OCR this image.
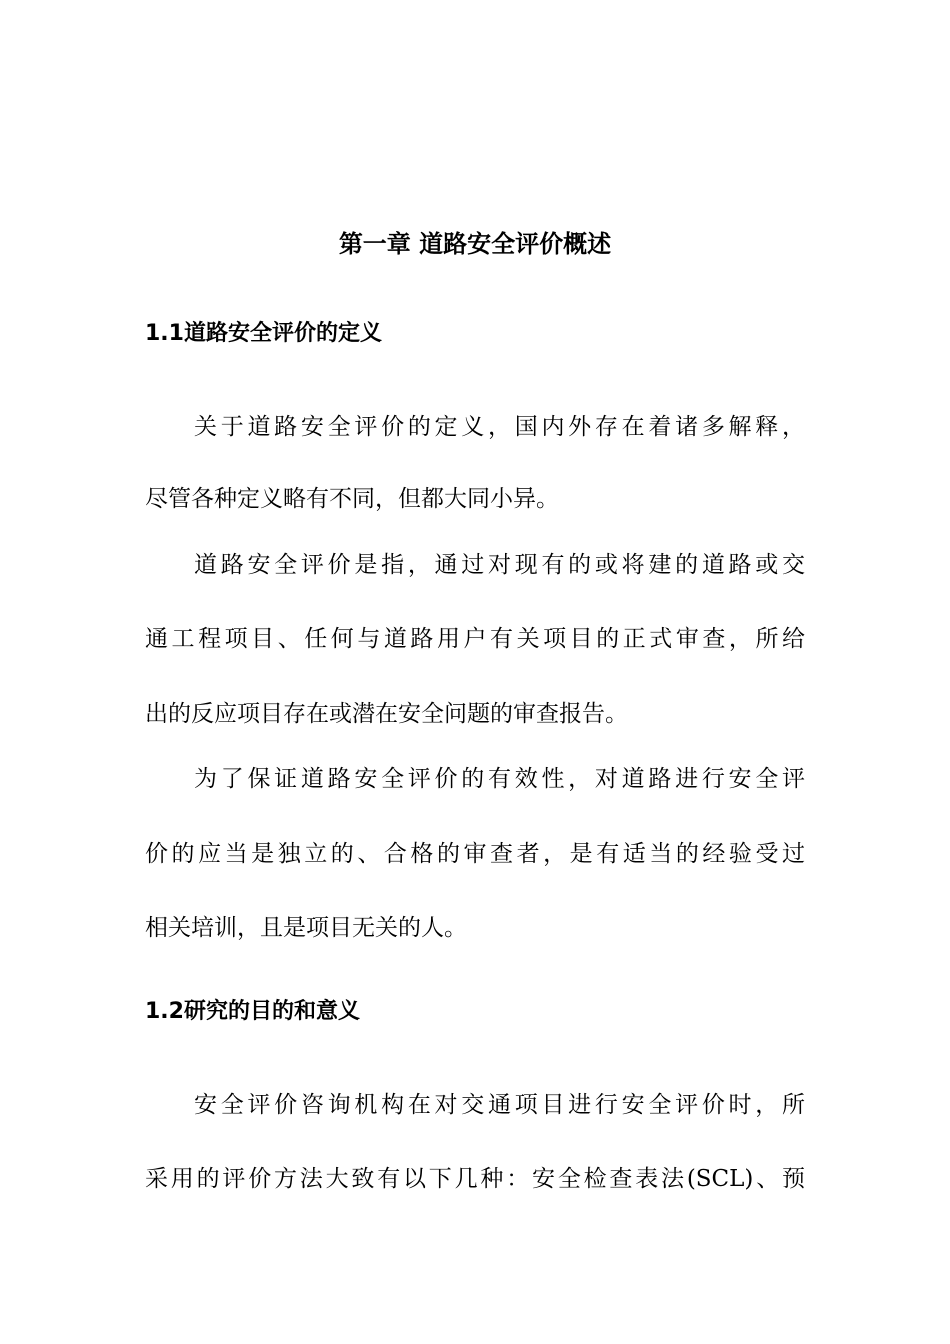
第一章 道路安全评价概述
1.1道路安全评价的定义

关于道路安全评价的定义，国内外存在着诸多解释，

尽管各种定义略有不同，但都大同小异。

道路安全评价是指，通过对现有的或将建的道路或交

通工程项目、任何与道路用户有关项目的正式审查，所给

出的反应项目存在或潜在安全问题的审查报告。

为了保证道路安全评价的有效性，对道路进行安全评

价的应当是独立的、合格的审查者，是有适当的经验受过

相关培训，且是项目无关的人。

1.2研究的目的和意义

安全评价咨询机构在对交通项目进行安全评价时，所

采用的评价方法大致有以下几种：安全检查表法(SCL)、预
